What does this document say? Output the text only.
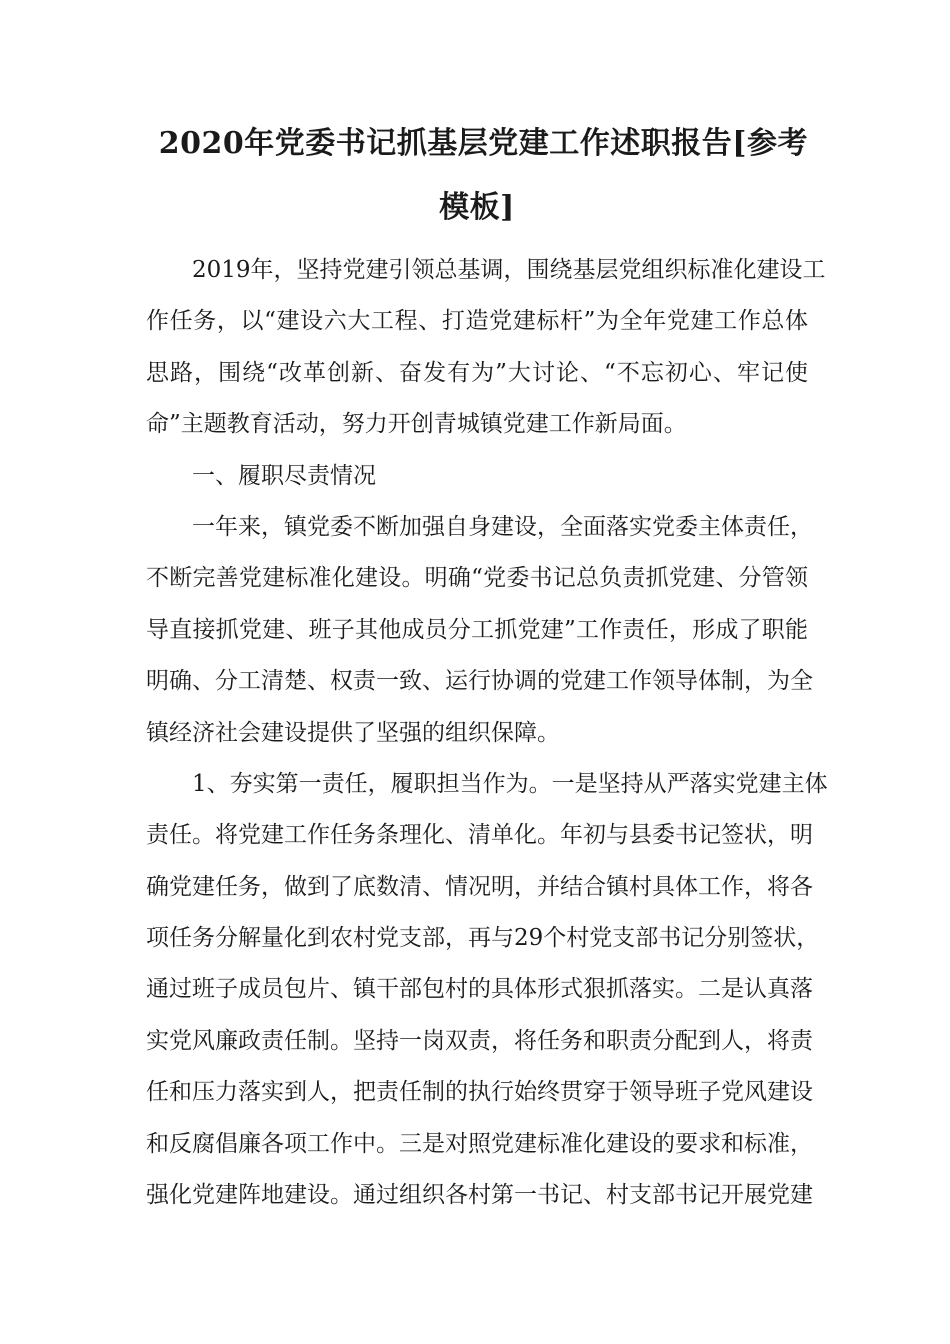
2020年党委书记抓基层党建工作述职报告[参考
模板]
2019年，坚持党建引领总基调，围绕基层党组织标准化建设工
作任务，以“建设六大工程、打造党建标杆”为全年党建工作总体
思路，围绕“改革创新、奋发有为”大讨论、“不忘初心、牢记使
命”主题教育活动，努力开创青城镇党建工作新局面。
一、履职尽责情况
一年来，镇党委不断加强自身建设，全面落实党委主体责任，
不断完善党建标准化建设。明确“党委书记总负责抓党建、分管领
导直接抓党建、班子其他成员分工抓党建”工作责任，形成了职能
明确、分工清楚、权责一致、运行协调的党建工作领导体制，为全
镇经济社会建设提供了坚强的组织保障。
1、夯实第一责任，履职担当作为。一是坚持从严落实党建主体
责任。将党建工作任务条理化、清单化。年初与县委书记签状，明
确党建任务，做到了底数清、情况明，并结合镇村具体工作，将各
项任务分解量化到农村党支部，再与29个村党支部书记分别签状，
通过班子成员包片、镇干部包村的具体形式狠抓落实。二是认真落
实党风廉政责任制。坚持一岗双责，将任务和职责分配到人，将责
任和压力落实到人，把责任制的执行始终贯穿于领导班子党风建设
和反腐倡廉各项工作中。三是对照党建标准化建设的要求和标准，
强化党建阵地建设。通过组织各村第一书记、村支部书记开展党建
